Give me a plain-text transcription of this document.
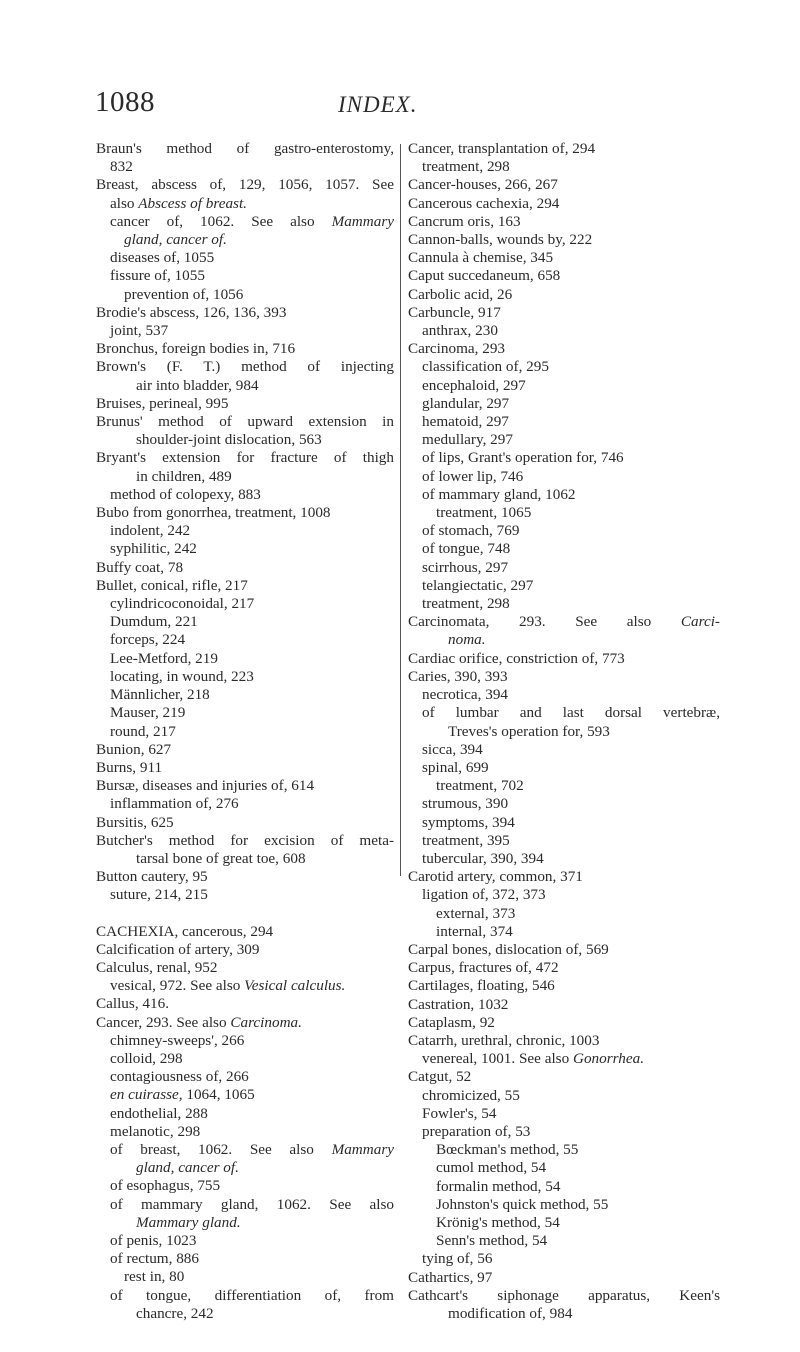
1088	INDEX.
Braun's method of gastro-enterostomy,
832
Breast, abscess of, 129, 1056, 1057. See
also Abscess of breast.
cancer of, 1062. See also Mammary
gland, cancer of.
diseases of, 1055
fissure of, 1055
prevention of, 1056
Brodie's abscess, 126, 136, 393
joint, 537
Bronchus, foreign bodies in, 716
Brown's (F. T.) method of injecting
air into bladder, 984
Bruises, perineal, 995
Brunus' method of upward extension in
shoulder-joint dislocation, 563
Bryant's extension for fracture of thigh
in children, 489
method of colopexy, 883
Bubo from gonorrhea, treatment, 1008
indolent, 242
syphilitic, 242
Buffy coat, 78
Bullet, conical, rifle, 217
cylindricoconoidal, 217
Dumdum, 221
forceps, 224
Lee-Metford, 219
locating, in wound, 223
Männlicher, 218
Mauser, 219
round, 217
Bunion, 627
Burns, 911
Bursæ, diseases and injuries of, 614
inflammation of, 276
Bursitis, 625
Butcher's method for excision of meta-
tarsal bone of great toe, 608
Button cautery, 95
suture, 214, 215
CACHEXIA, cancerous, 294
Calcification of artery, 309
Calculus, renal, 952
vesical, 972. See also Vesical calculus.
Callus, 416.
Cancer, 293. See also Carcinoma.
chimney-sweeps', 266
colloid, 298
contagiousness of, 266
en cuirasse, 1064, 1065
endothelial, 288
melanotic, 298
of breast, 1062. See also Mammary
gland, cancer of.
of esophagus, 755
of mammary gland, 1062. See also
Mammary gland.
of penis, 1023
of rectum, 886
rest in, 80
of tongue, differentiation of, from
chancre, 242
Cancer, transplantation of, 294
treatment, 298
Cancer-houses, 266, 267
Cancerous cachexia, 294
Cancrum oris, 163
Cannon-balls, wounds by, 222
Cannula à chemise, 345
Caput succedaneum, 658
Carbolic acid, 26
Carbuncle, 917
anthrax, 230
Carcinoma, 293
classification of, 295
encephaloid, 297
glandular, 297
hematoid, 297
medullary, 297
of lips, Grant's operation for, 746
of lower lip, 746
of mammary gland, 1062
treatment, 1065
of stomach, 769
of tongue, 748
scirrhous, 297
telangiectatic, 297
treatment, 298
Carcinomata, 293. See also Carci-
noma.
Cardiac orifice, constriction of, 773
Caries, 390, 393
necrotica, 394
of lumbar and last dorsal vertebræ,
Treves's operation for, 593
sicca, 394
spinal, 699
treatment, 702
strumous, 390
symptoms, 394
treatment, 395
tubercular, 390, 394
Carotid artery, common, 371
ligation of, 372, 373
external, 373
internal, 374
Carpal bones, dislocation of, 569
Carpus, fractures of, 472
Cartilages, floating, 546
Castration, 1032
Cataplasm, 92
Catarrh, urethral, chronic, 1003
venereal, 1001. See also Gonorrhea.
Catgut, 52
chromicized, 55
Fowler's, 54
preparation of, 53
Bœckman's method, 55
cumol method, 54
formalin method, 54
Johnston's quick method, 55
Krönig's method, 54
Senn's method, 54
tying of, 56
Cathartics, 97
Cathcart's siphonage apparatus, Keen's
modification of, 984
